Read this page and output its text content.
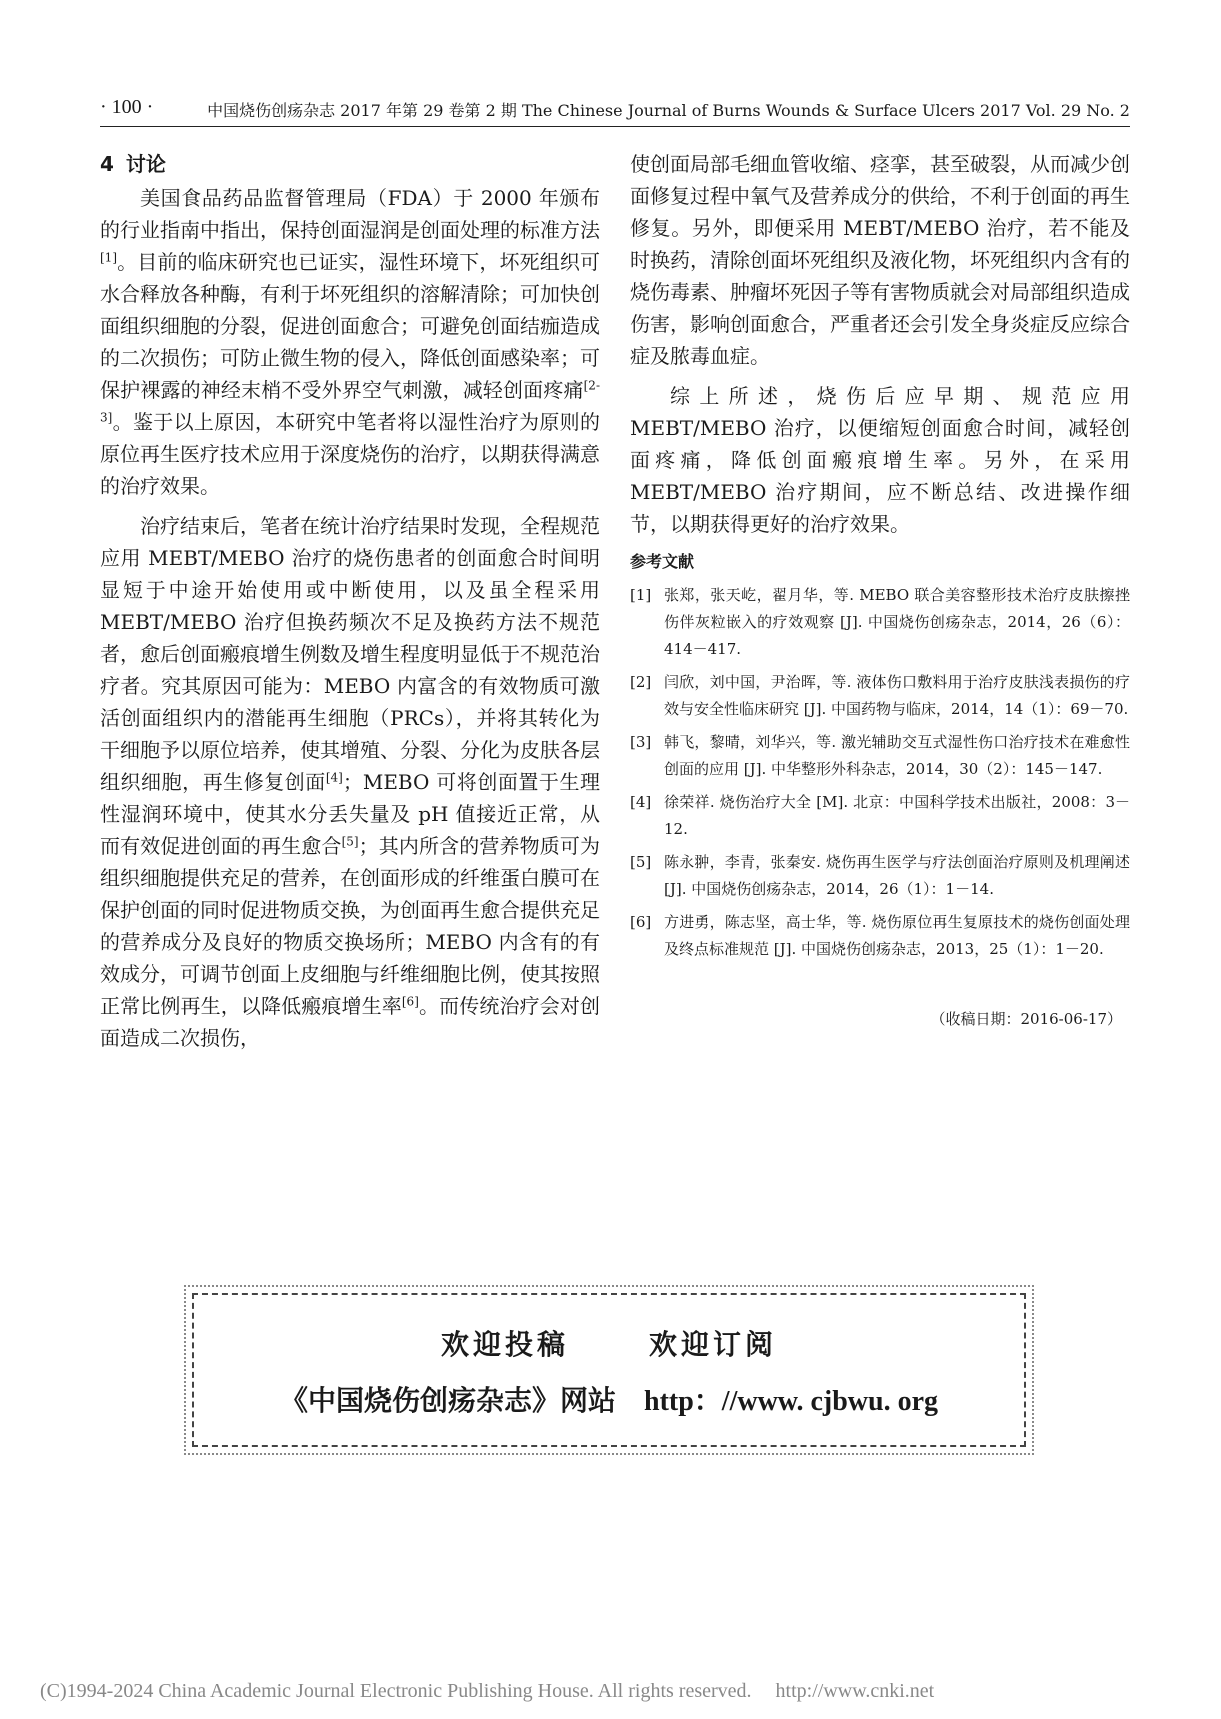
· 100 ·	中国烧伤创疡杂志 2017 年第 29 卷第 2 期 The Chinese Journal of Burns Wounds & Surface Ulcers 2017 Vol. 29 No. 2
4 讨论

美国食品药品监督管理局（FDA）于 2000 年颁布的行业指南中指出，保持创面湿润是创面处理的标准方法[1]。目前的临床研究也已证实，湿性环境下，坏死组织可水合释放各种酶，有利于坏死组织的溶解清除；可加快创面组织细胞的分裂，促进创面愈合；可避免创面结痂造成的二次损伤；可防止微生物的侵入，降低创面感染率；可保护裸露的神经末梢不受外界空气刺激，减轻创面疼痛[2-3]。鉴于以上原因，本研究中笔者将以湿性治疗为原则的原位再生医疗技术应用于深度烧伤的治疗，以期获得满意的治疗效果。

治疗结束后，笔者在统计治疗结果时发现，全程规范应用 MEBT/MEBO 治疗的烧伤患者的创面愈合时间明显短于中途开始使用或中断使用，以及虽全程采用 MEBT/MEBO 治疗但换药频次不足及换药方法不规范者，愈后创面瘢痕增生例数及增生程度明显低于不规范治疗者。究其原因可能为：MEBO 内富含的有效物质可激活创面组织内的潜能再生细胞（PRCs），并将其转化为干细胞予以原位培养，使其增殖、分裂、分化为皮肤各层组织细胞，再生修复创面[4]；MEBO 可将创面置于生理性湿润环境中，使其水分丢失量及 pH 值接近正常，从而有效促进创面的再生愈合[5]；其内所含的营养物质可为组织细胞提供充足的营养，在创面形成的纤维蛋白膜可在保护创面的同时促进物质交换，为创面再生愈合提供充足的营养成分及良好的物质交换场所；MEBO 内含有的有效成分，可调节创面上皮细胞与纤维细胞比例，使其按照正常比例再生，以降低瘢痕增生率[6]。而传统治疗会对创面造成二次损伤，

使创面局部毛细血管收缩、痉挛，甚至破裂，从而减少创面修复过程中氧气及营养成分的供给，不利于创面的再生修复。另外，即便采用 MEBT/MEBO 治疗，若不能及时换药，清除创面坏死组织及液化物，坏死组织内含有的烧伤毒素、肿瘤坏死因子等有害物质就会对局部组织造成伤害，影响创面愈合，严重者还会引发全身炎症反应综合症及脓毒血症。

综上所述，烧伤后应早期、规范应用 MEBT/MEBO 治疗，以便缩短创面愈合时间，减轻创面疼痛，降低创面瘢痕增生率。另外，在采用 MEBT/MEBO 治疗期间，应不断总结、改进操作细节，以期获得更好的治疗效果。

参考文献
[1] 张郑，张天屹，翟月华，等. MEBO 联合美容整形技术治疗皮肤擦挫伤伴灰粒嵌入的疗效观察 [J]. 中国烧伤创疡杂志，2014，26（6）：414－417.
[2] 闫欣，刘中国，尹治晖，等. 液体伤口敷料用于治疗皮肤浅表损伤的疗效与安全性临床研究 [J]. 中国药物与临床，2014，14（1）：69－70.
[3] 韩飞，黎晴，刘华兴，等. 激光辅助交互式湿性伤口治疗技术在难愈性创面的应用 [J]. 中华整形外科杂志，2014，30（2）：145－147.
[4] 徐荣祥. 烧伤治疗大全 [M]. 北京：中国科学技术出版社，2008：3－12.
[5] 陈永翀，李青，张秦安. 烧伤再生医学与疗法创面治疗原则及机理阐述 [J]. 中国烧伤创疡杂志，2014，26（1）：1－14.
[6] 方进勇，陈志坚，高士华，等. 烧伤原位再生复原技术的烧伤创面处理及终点标准规范 [J]. 中国烧伤创疡杂志，2013，25（1）：1－20.
（收稿日期：2016-06-17）
欢迎投稿	欢迎订阅
《中国烧伤创疡杂志》网站 http：//www. cjbwu. org
(C)1994-2024 China Academic Journal Electronic Publishing House. All rights reserved. http://www.cnki.net
